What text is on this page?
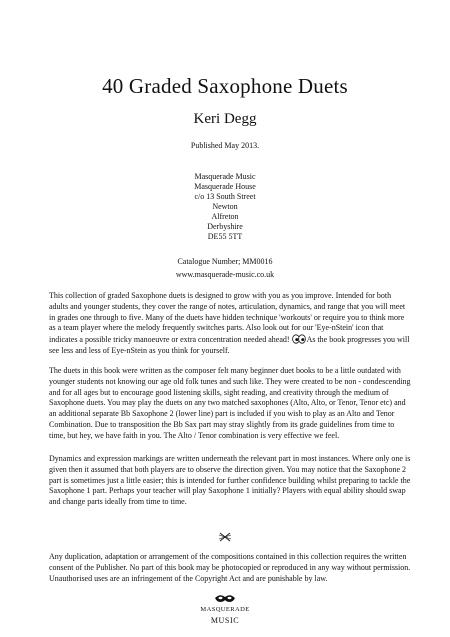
40 Graded Saxophone Duets
Keri Degg
Published May 2013.
Masquerade Music
Masquerade House
c/o 13 South Street
Newton
Alfreton
Derbyshire
DE55 5TT
Catalogue Number; MM0016
www.masquerade-music.co.uk
This collection of graded Saxophone duets is designed to grow with you as you improve. Intended for both adults and younger students, they cover the range of notes, articulation, dynamics, and range that you will meet in grades one through to five. Many of the duets have hidden technique 'workouts' or require you to think more as a team player where the melody frequently switches parts. Also look out for our 'Eye-nStein' icon that indicates a possible tricky manoeuvre or extra concentration needed ahead! As the book progresses you will see less and less of Eye-nStein as you think for yourself.
The duets in this book were written as the composer felt many beginner duet books to be a little outdated with younger students not knowing our age old folk tunes and such like. They were created to be non - condescending and for all ages but to encourage good listening skills, sight reading, and creativity through the medium of Saxophone duets. You may play the duets on any two matched saxophones (Alto, Alto, or Tenor, Tenor etc) and an additional separate Bb Saxophone 2 (lower line) part is included if you wish to play as an Alto and Tenor Combination. Due to transposition the Bb Sax part may stray slightly from its grade guidelines from time to time, but hey, we have faith in you. The Alto / Tenor combination is very effective we feel.
Dynamics and expression markings are written underneath the relevant part in most instances. Where only one is given then it assumed that both players are to observe the direction given. You may notice that the Saxophone 2 part is sometimes just a little easier; this is intended for further confidence building whilst preparing to tackle the Saxophone 1 part. Perhaps your teacher will play Saxophone 1 initially? Players with equal ability should swap and change parts ideally from time to time.
Any duplication, adaptation or arrangement of the compositions contained in this collection requires the written consent of the Publisher. No part of this book may be photocopied or reproduced in any way without permission. Unauthorised uses are an infringement of the Copyright Act and are punishable by law.
MASQUERADE
MUSIC
